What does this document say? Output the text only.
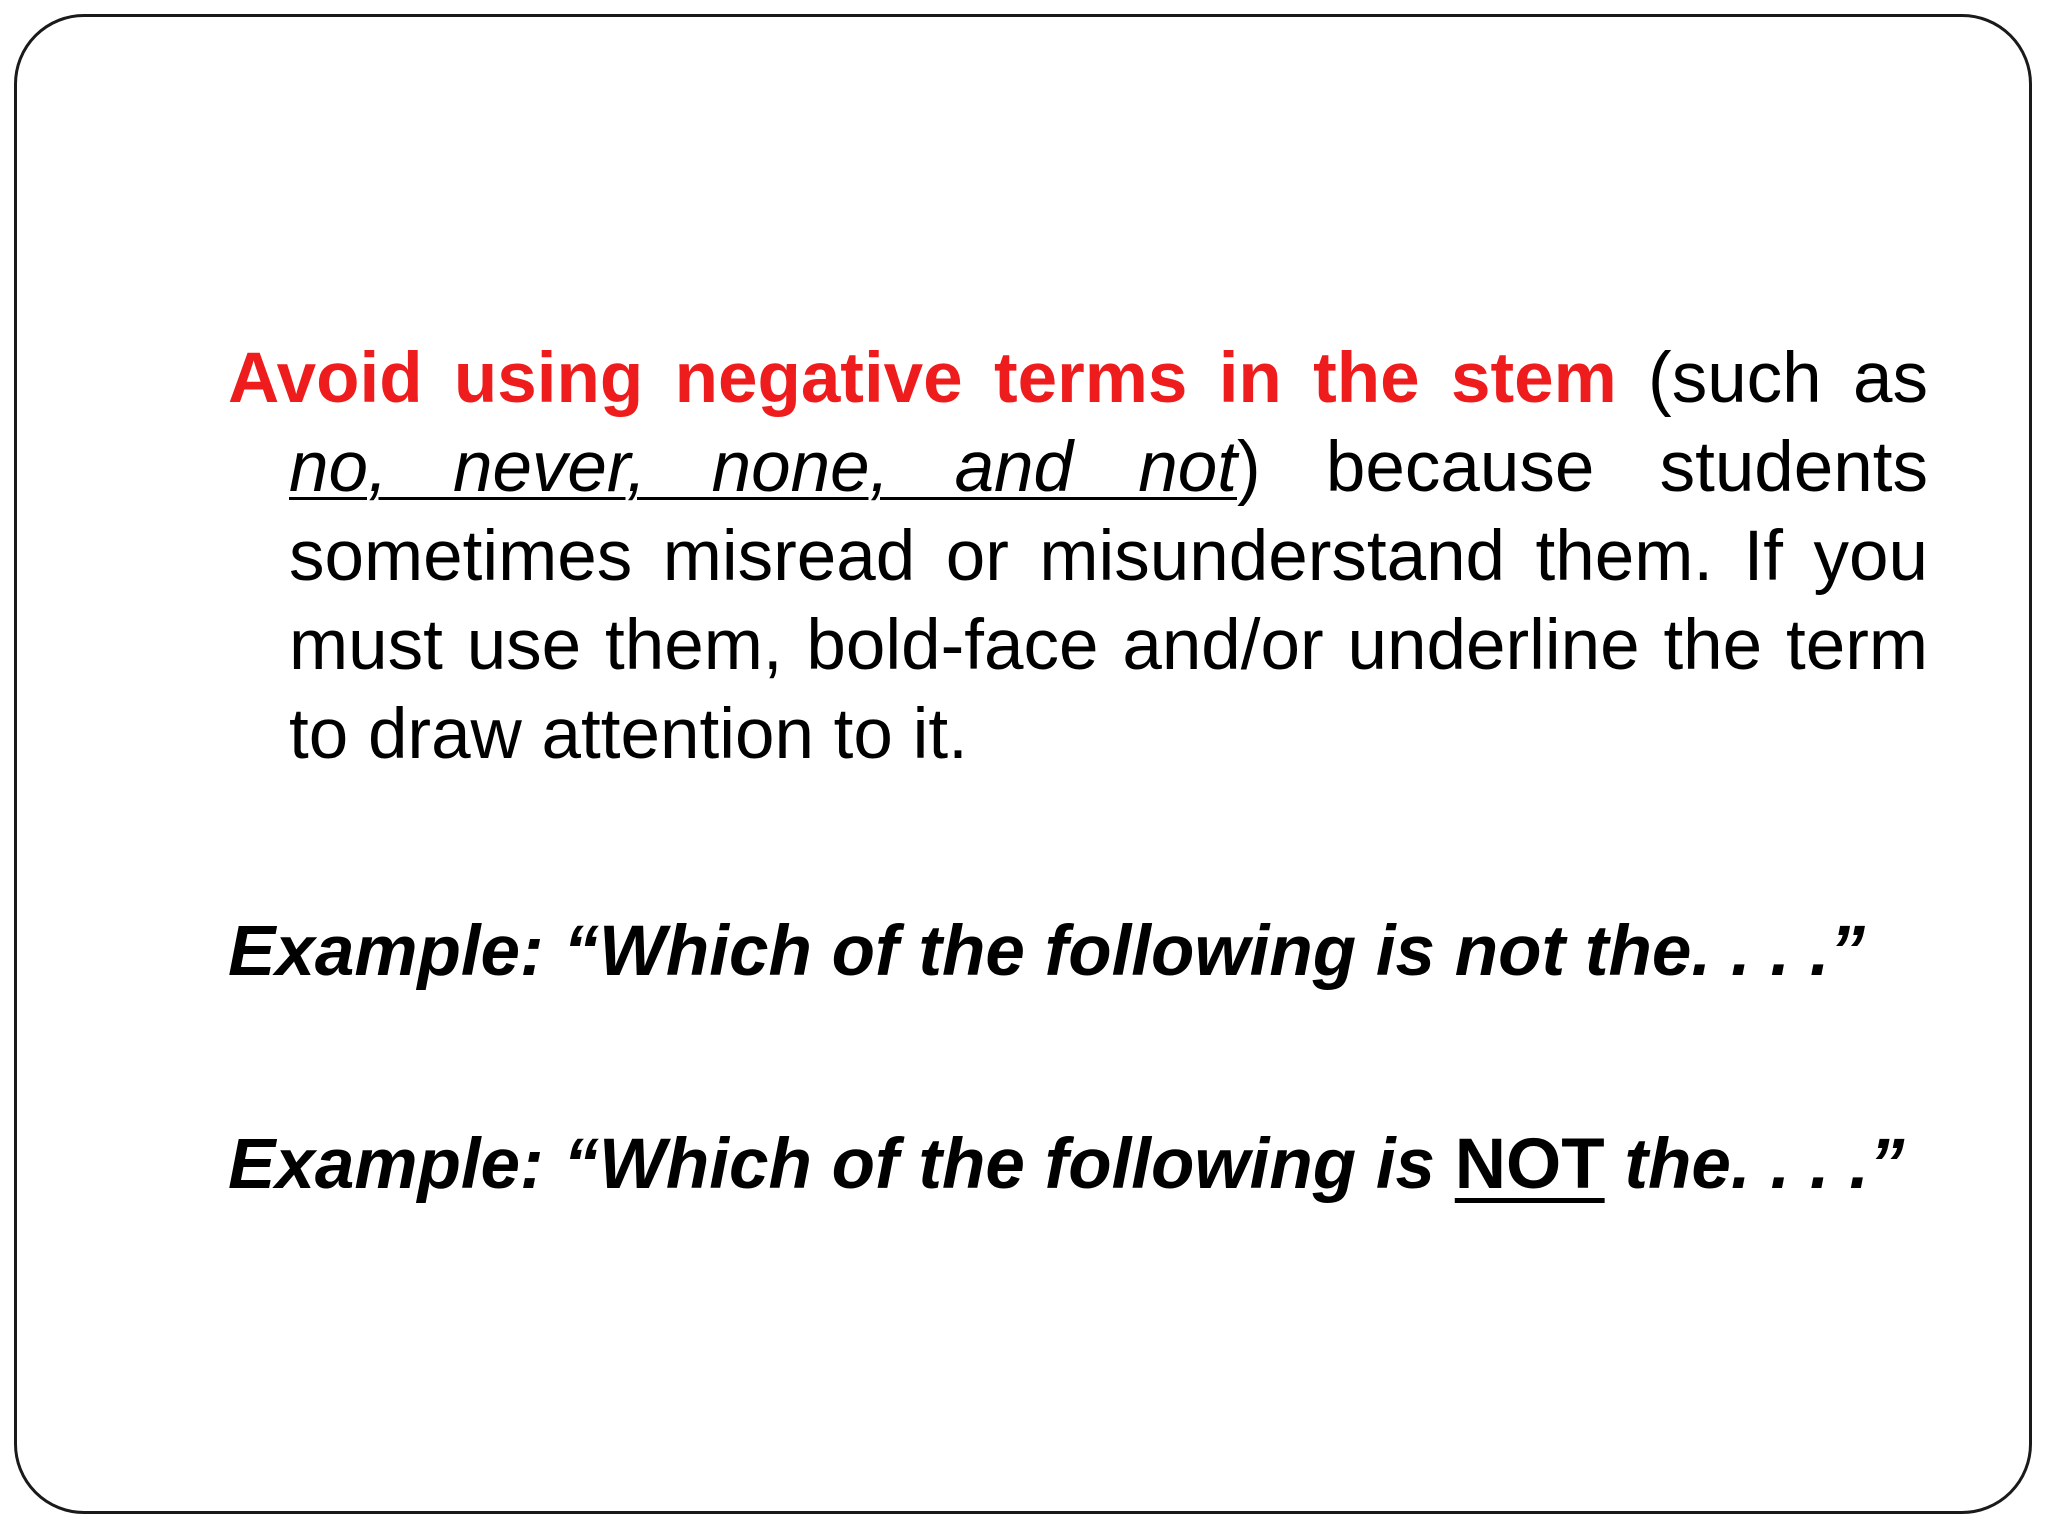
Avoid using negative terms in the stem (such as no, never, none, and not) because students sometimes misread or misunderstand them. If you must use them, bold-face and/or underline the term to draw attention to it.

Example: “Which of the following is not the. . . .”

Example: “Which of the following is NOT the. . . .”
